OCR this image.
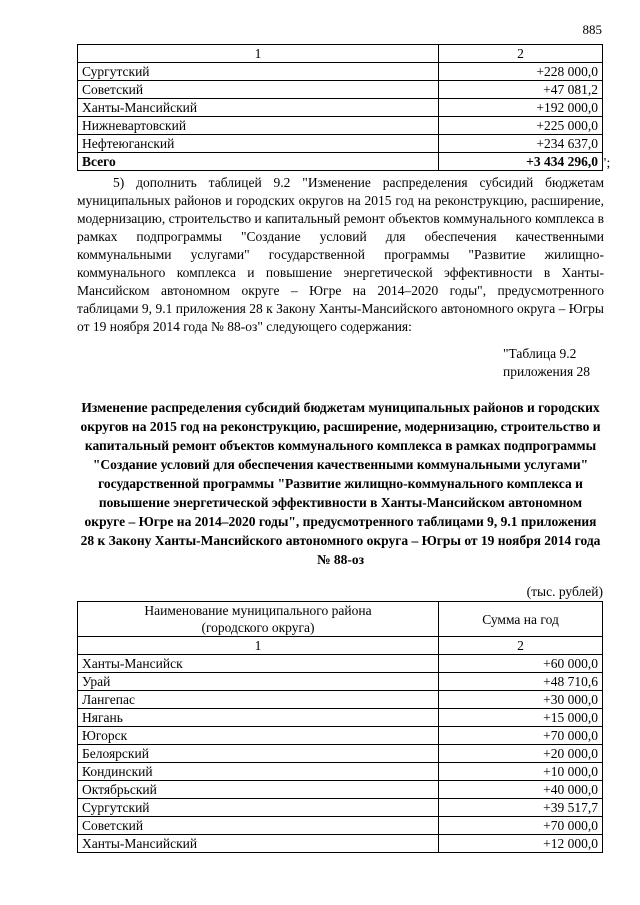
885
1	2
Сургутский	+228 000,0
Советский	+47 081,2
Ханты-Мансийский	+192 000,0
Нижневартовский	+225 000,0
Нефтеюганский	+234 637,0
Всего	+3 434 296,0 ";

5) дополнить таблицей 9.2 "Изменение распределения субсидий бюджетам муниципальных районов и городских округов на 2015 год на реконструкцию, расширение, модернизацию, строительство и капитальный ремонт объектов коммунального комплекса в рамках подпрограммы "Создание условий для обеспечения качественными коммунальными услугами" государственной программы "Развитие жилищно-коммунального комплекса и повышение энергетической эффективности в Ханты-Мансийском автономном округе – Югре на 2014–2020 годы", предусмотренного таблицами 9, 9.1 приложения 28 к Закону Ханты-Мансийского автономного округа – Югры от 19 ноября 2014 года № 88-оз" следующего содержания:

"Таблица 9.2
приложения 28

Изменение распределения субсидий бюджетам муниципальных районов и городских округов на 2015 год на реконструкцию, расширение, модернизацию, строительство и капитальный ремонт объектов коммунального комплекса в рамках подпрограммы "Создание условий для обеспечения качественными коммунальными услугами" государственной программы "Развитие жилищно-коммунального комплекса и повышение энергетической эффективности в Ханты-Мансийском автономном округе – Югре на 2014–2020 годы", предусмотренного таблицами 9, 9.1 приложения 28 к Закону Ханты-Мансийского автономного округа – Югры от 19 ноября 2014 года № 88-оз

(тыс. рублей)
Наименование муниципального района
(городского округа)	Сумма на год
1	2
Ханты-Мансийск	+60 000,0
Урай	+48 710,6
Лангепас	+30 000,0
Нягань	+15 000,0
Югорск	+70 000,0
Белоярский	+20 000,0
Кондинский	+10 000,0
Октябрьский	+40 000,0
Сургутский	+39 517,7
Советский	+70 000,0
Ханты-Мансийский	+12 000,0
